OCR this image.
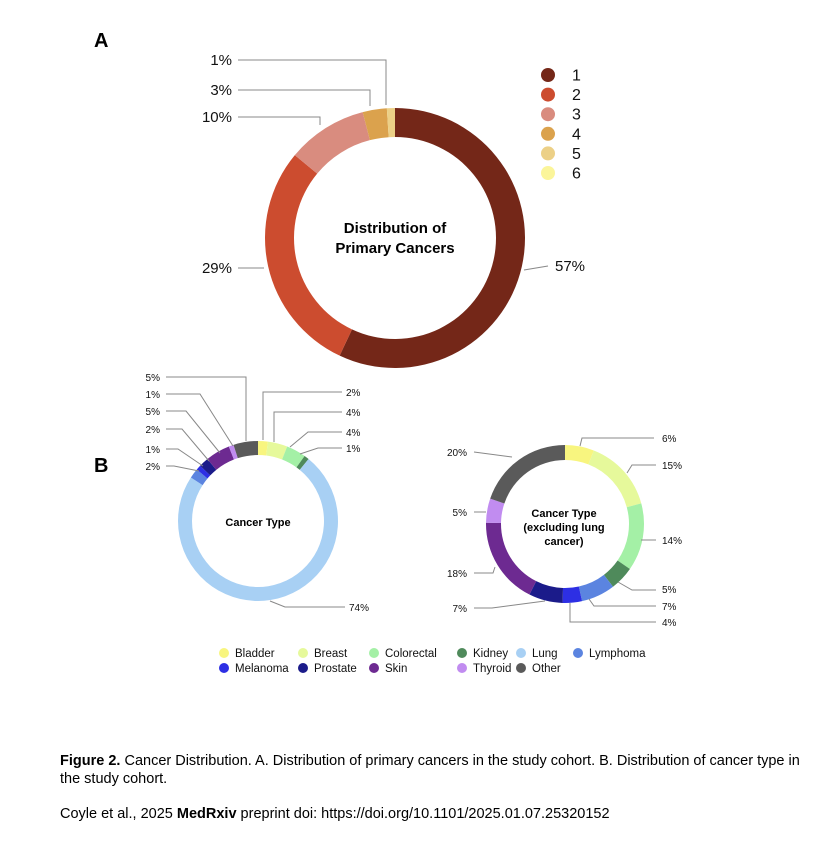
A
B
Distribution of
Primary Cancers
57%
29%
10%
3%
1%
1
2
3
4
5
6
Cancer Type
2%
4%
4%
1%
74%
2%
1%
2%
5%
1%
5%
Cancer Type
(excluding lung
cancer)
6%
15%
14%
5%
7%
4%
7%
18%
5%
20%
Bladder	Breast	Colorectal	Kidney Lung	Lymphoma
Melanoma Prostate Skin	Thyroid Other
Figure 2. Cancer Distribution. A. Distribution of primary cancers in the study cohort. B. Distribution of cancer type in the study cohort.
Coyle et al., 2025 MedRxiv preprint doi: https://doi.org/10.1101/2025.01.07.25320152
